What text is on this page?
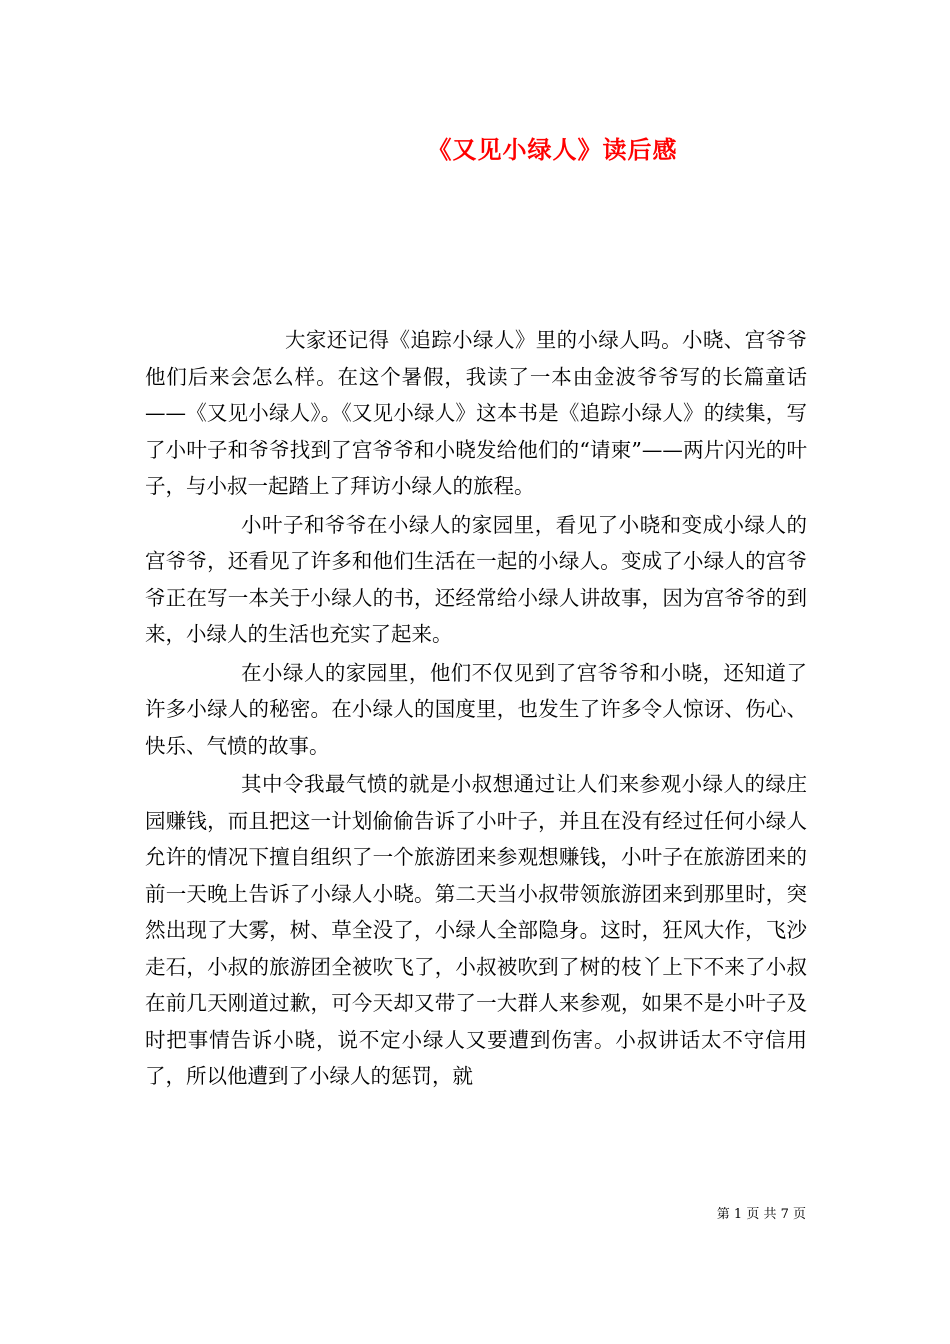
《又见小绿人》读后感

大家还记得《追踪小绿人》里的小绿人吗。小晓、宫爷爷他们后来会怎么样。在这个暑假，我读了一本由金波爷爷写的长篇童话——《又见小绿人》。《又见小绿人》这本书是《追踪小绿人》的续集，写了小叶子和爷爷找到了宫爷爷和小晓发给他们的“请柬”——两片闪光的叶子，与小叔一起踏上了拜访小绿人的旅程。

小叶子和爷爷在小绿人的家园里，看见了小晓和变成小绿人的宫爷爷，还看见了许多和他们生活在一起的小绿人。变成了小绿人的宫爷爷正在写一本关于小绿人的书，还经常给小绿人讲故事，因为宫爷爷的到来，小绿人的生活也充实了起来。

在小绿人的家园里，他们不仅见到了宫爷爷和小晓，还知道了许多小绿人的秘密。在小绿人的国度里，也发生了许多令人惊讶、伤心、快乐、气愤的故事。

其中令我最气愤的就是小叔想通过让人们来参观小绿人的绿庄园赚钱，而且把这一计划偷偷告诉了小叶子，并且在没有经过任何小绿人允许的情况下擅自组织了一个旅游团来参观想赚钱，小叶子在旅游团来的前一天晚上告诉了小绿人小晓。第二天当小叔带领旅游团来到那里时，突然出现了大雾，树、草全没了，小绿人全部隐身。这时，狂风大作，飞沙走石，小叔的旅游团全被吹飞了，小叔被吹到了树的枝丫上下不来了小叔在前几天刚道过歉，可今天却又带了一大群人来参观，如果不是小叶子及时把事情告诉小晓，说不定小绿人又要遭到伤害。小叔讲话太不守信用了，所以他遭到了小绿人的惩罚，就

第 1 页 共 7 页
